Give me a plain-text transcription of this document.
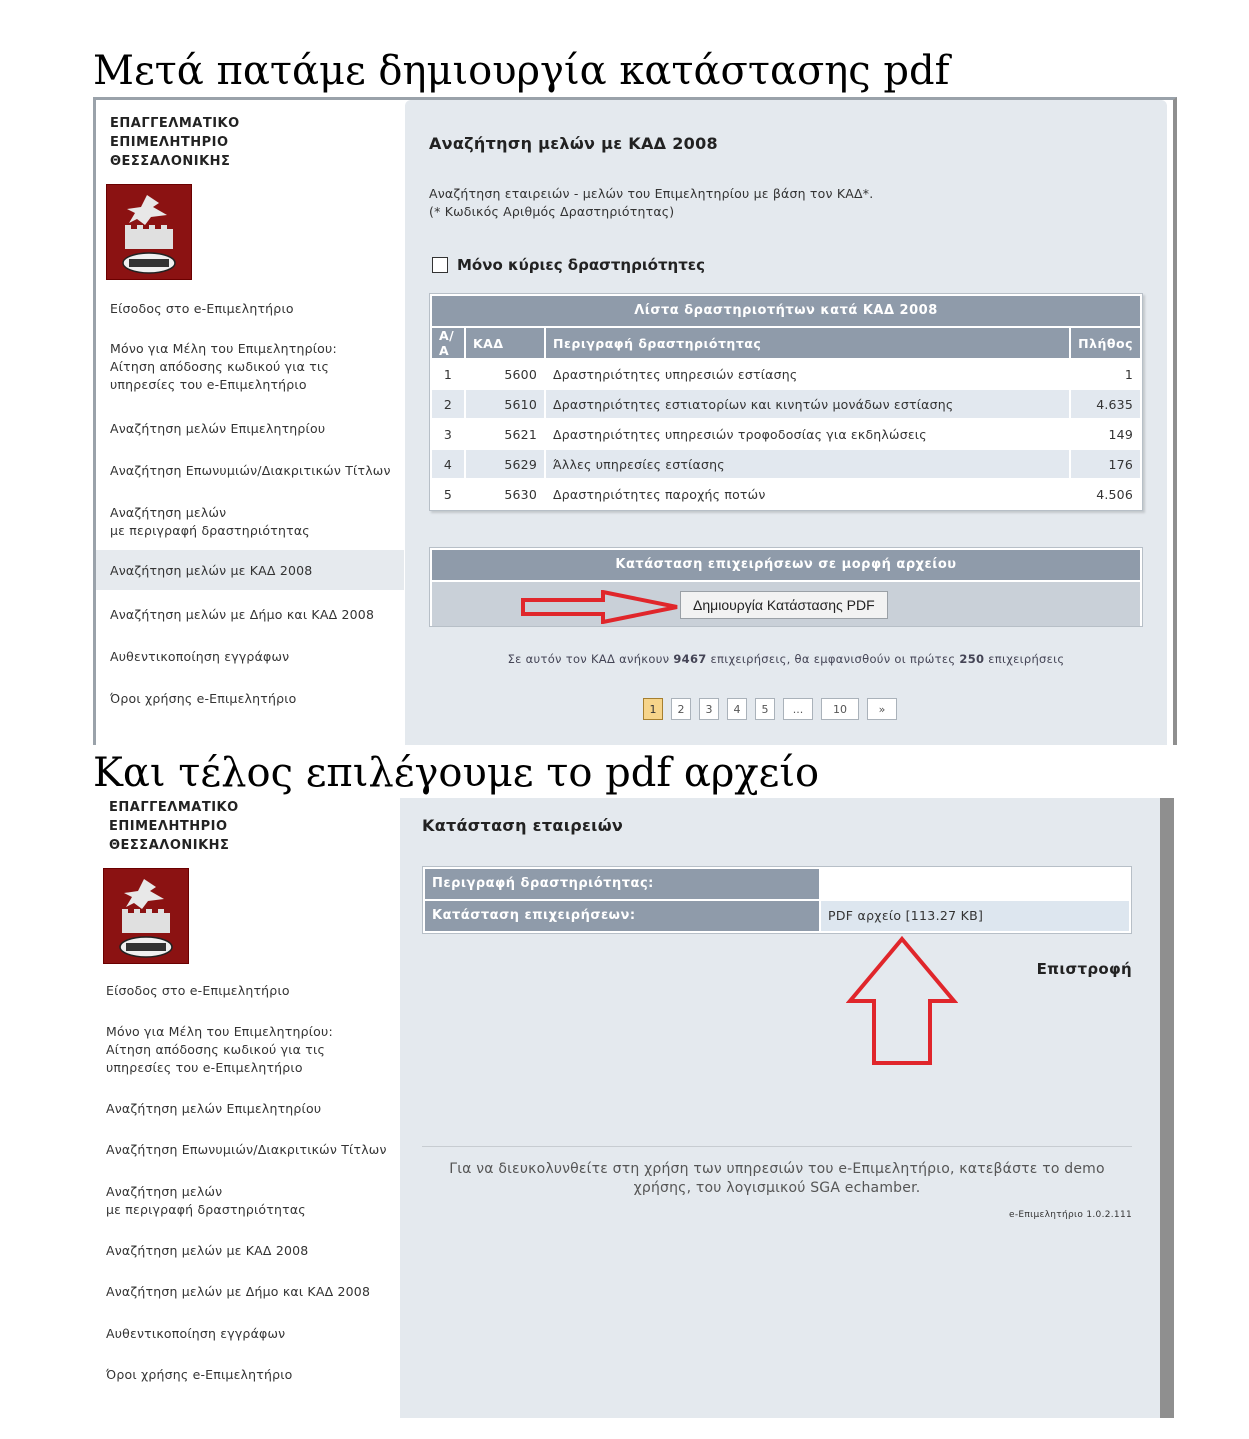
Μετά πατάμε δημιουργία κατάστασης pdf
ΕΠΑΓΓΕΛΜΑΤΙΚΟ
ΕΠΙΜΕΛΗΤΗΡΙΟ
ΘΕΣΣΑΛΟΝΙΚΗΣ
Είσοδος στο e-Επιμελητήριο
Μόνο για Μέλη του Επιμελητηρίου:
Αίτηση απόδοσης κωδικού για τις
υπηρεσίες του e-Επιμελητήριο
Αναζήτηση μελών Επιμελητηρίου
Αναζήτηση Επωνυμιών/Διακριτικών Τίτλων
Αναζήτηση μελών
με περιγραφή δραστηριότητας
Αναζήτηση μελών με ΚΑΔ 2008
Αναζήτηση μελών με Δήμο και ΚΑΔ 2008
Αυθεντικοποίηση εγγράφων
Όροι χρήσης e-Επιμελητήριο
Αναζήτηση μελών με ΚΑΔ 2008
Αναζήτηση εταιρειών - μελών του Επιμελητηρίου με βάση τον ΚΑΔ*.
(* Κωδικός Αριθμός Δραστηριότητας)
Μόνο κύριες δραστηριότητες
Λίστα δραστηριοτήτων κατά ΚΑΔ 2008
Α/Α	ΚΑΔ	Περιγραφή δραστηριότητας	Πλήθος
1	5600	Δραστηριότητες υπηρεσιών εστίασης	1
2	5610	Δραστηριότητες εστιατορίων και κινητών μονάδων εστίασης	4.635
3	5621	Δραστηριότητες υπηρεσιών τροφοδοσίας για εκδηλώσεις	149
4	5629	Άλλες υπηρεσίες εστίασης	176
5	5630	Δραστηριότητες παροχής ποτών	4.506
Κατάσταση επιχειρήσεων σε μορφή αρχείου
Δημιουργία Κατάστασης PDF
Σε αυτόν τον ΚΑΔ ανήκουν 9467 επιχειρήσεις, θα εμφανισθούν οι πρώτες 250 επιχειρήσεις
1	2	3	4	5	...	10	»
Και τέλος επιλέγουμε το pdf αρχείο
ΕΠΑΓΓΕΛΜΑΤΙΚΟ
ΕΠΙΜΕΛΗΤΗΡΙΟ
ΘΕΣΣΑΛΟΝΙΚΗΣ
Είσοδος στο e-Επιμελητήριο
Μόνο για Μέλη του Επιμελητηρίου:
Αίτηση απόδοσης κωδικού για τις
υπηρεσίες του e-Επιμελητήριο
Αναζήτηση μελών Επιμελητηρίου
Αναζήτηση Επωνυμιών/Διακριτικών Τίτλων
Αναζήτηση μελών
με περιγραφή δραστηριότητας
Αναζήτηση μελών με ΚΑΔ 2008
Αναζήτηση μελών με Δήμο και ΚΑΔ 2008
Αυθεντικοποίηση εγγράφων
Όροι χρήσης e-Επιμελητήριο
Κατάσταση εταιρειών
Περιγραφή δραστηριότητας:
Κατάσταση επιχειρήσεων:	PDF αρχείο [113.27 KB]
Επιστροφή
Για να διευκολυνθείτε στη χρήση των υπηρεσιών του e-Επιμελητήριο, κατεβάστε το demo
χρήσης, του λογισμικού SGA echamber.
e-Επιμελητήριο 1.0.2.111
